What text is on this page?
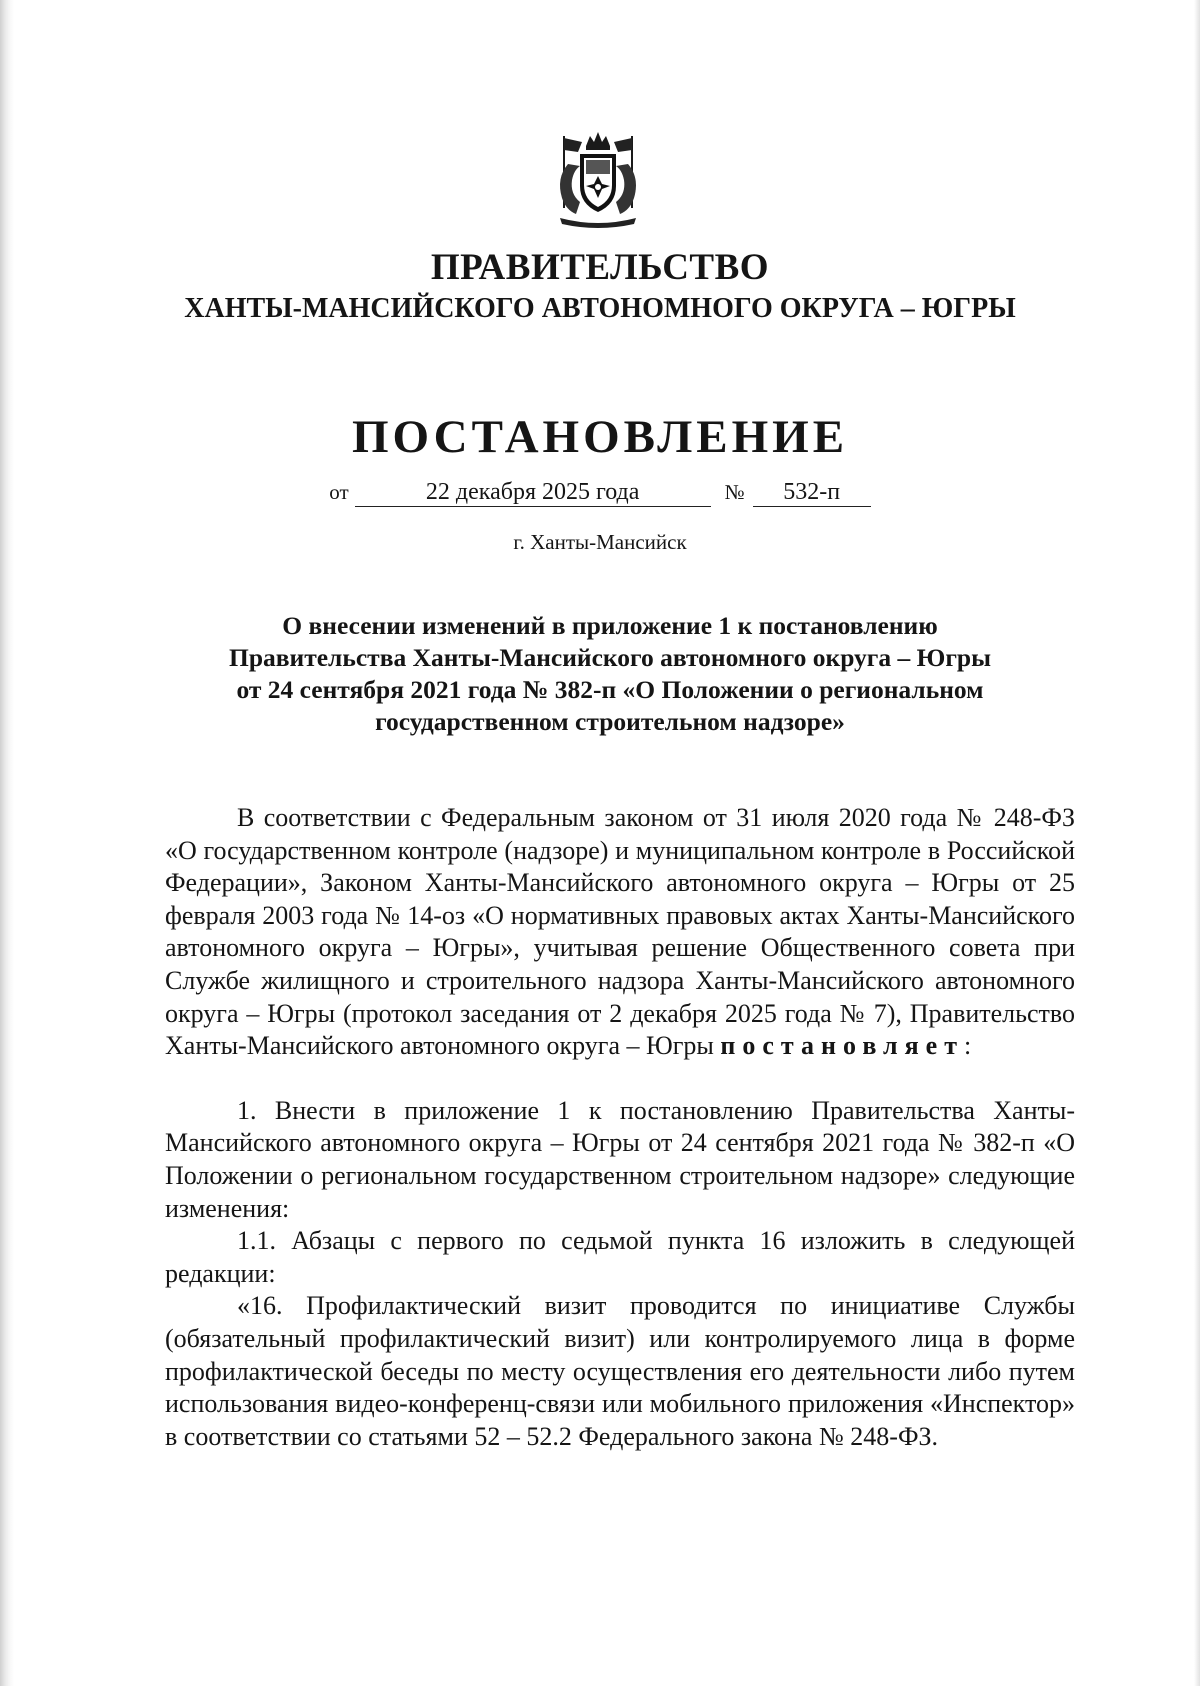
ПРАВИТЕЛЬСТВО

ХАНТЫ-МАНСИЙСКОГО АВТОНОМНОГО ОКРУГА – ЮГРЫ

ПОСТАНОВЛЕНИЕ
от	22 декабря 2025 года	№ 532-п
г. Ханты-Мансийск
О внесении изменений в приложение 1 к постановлению
Правительства Ханты-Мансийского автономного округа – Югры
от 24 сентября 2021 года № 382-п «О Положении о региональном
государственном строительном надзоре»

В соответствии с Федеральным законом от 31 июля 2020 года № 248-ФЗ «О государственном контроле (надзоре) и муниципальном контроле в Российской Федерации», Законом Ханты-Мансийского автономного округа – Югры от 25 февраля 2003 года № 14-оз «О нормативных правовых актах Ханты-Мансийского автономного округа – Югры», учитывая решение Общественного совета при Службе жилищного и строительного надзора Ханты-Мансийского автономного округа – Югры (протокол заседания от 2 декабря 2025 года № 7), Правительство Ханты-Мансийского автономного округа – Югры постановляет:

1. Внести в приложение 1 к постановлению Правительства Ханты-Мансийского автономного округа – Югры от 24 сентября 2021 года № 382-п «О Положении о региональном государственном строительном надзоре» следующие изменения:

1.1. Абзацы с первого по седьмой пункта 16 изложить в следующей редакции:

«16. Профилактический визит проводится по инициативе Службы (обязательный профилактический визит) или контролируемого лица в форме профилактической беседы по месту осуществления его деятельности либо путем использования видео-конференц-связи или мобильного приложения «Инспектор» в соответствии со статьями 52 – 52.2 Федерального закона № 248-ФЗ.
